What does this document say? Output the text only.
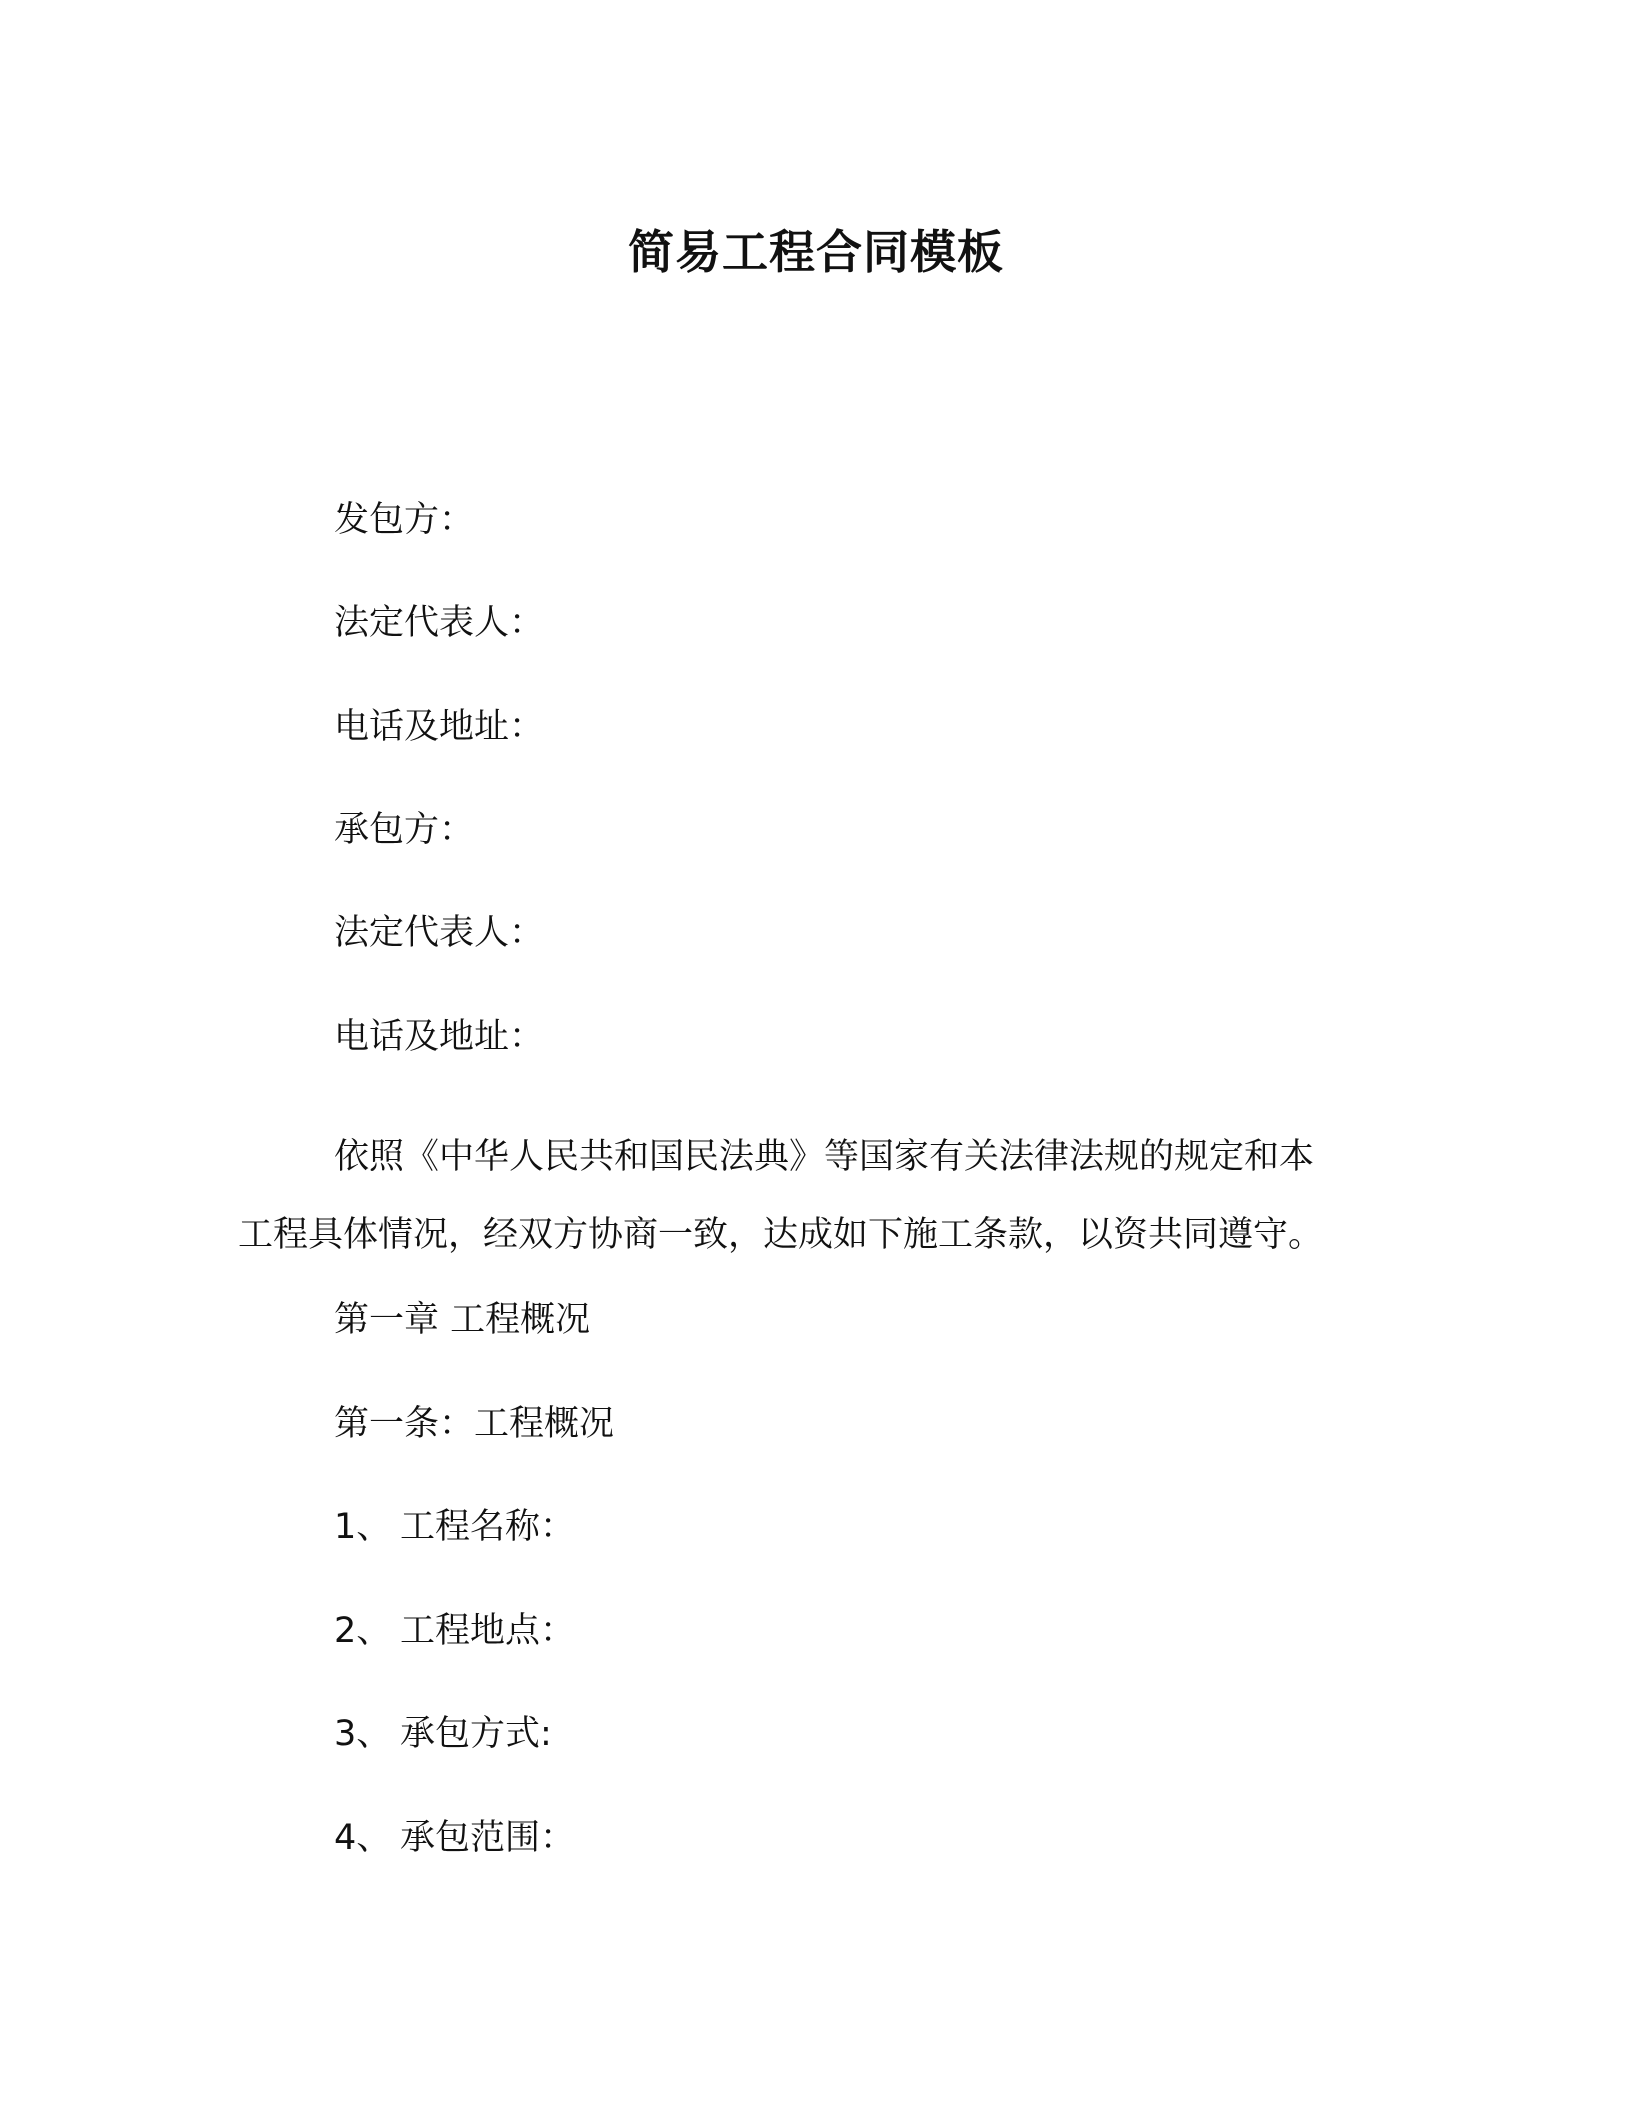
简易工程合同模板
发包方：
法定代表人：
电话及地址：
承包方：
法定代表人：
电话及地址：
依照《中华人民共和国民法典》等国家有关法律法规的规定和本
工程具体情况，经双方协商一致，达成如下施工条款，以资共同遵守。
第一章 工程概况
第一条：工程概况
1、 工程名称：
2、 工程地点：
3、 承包方式:
4、 承包范围：
